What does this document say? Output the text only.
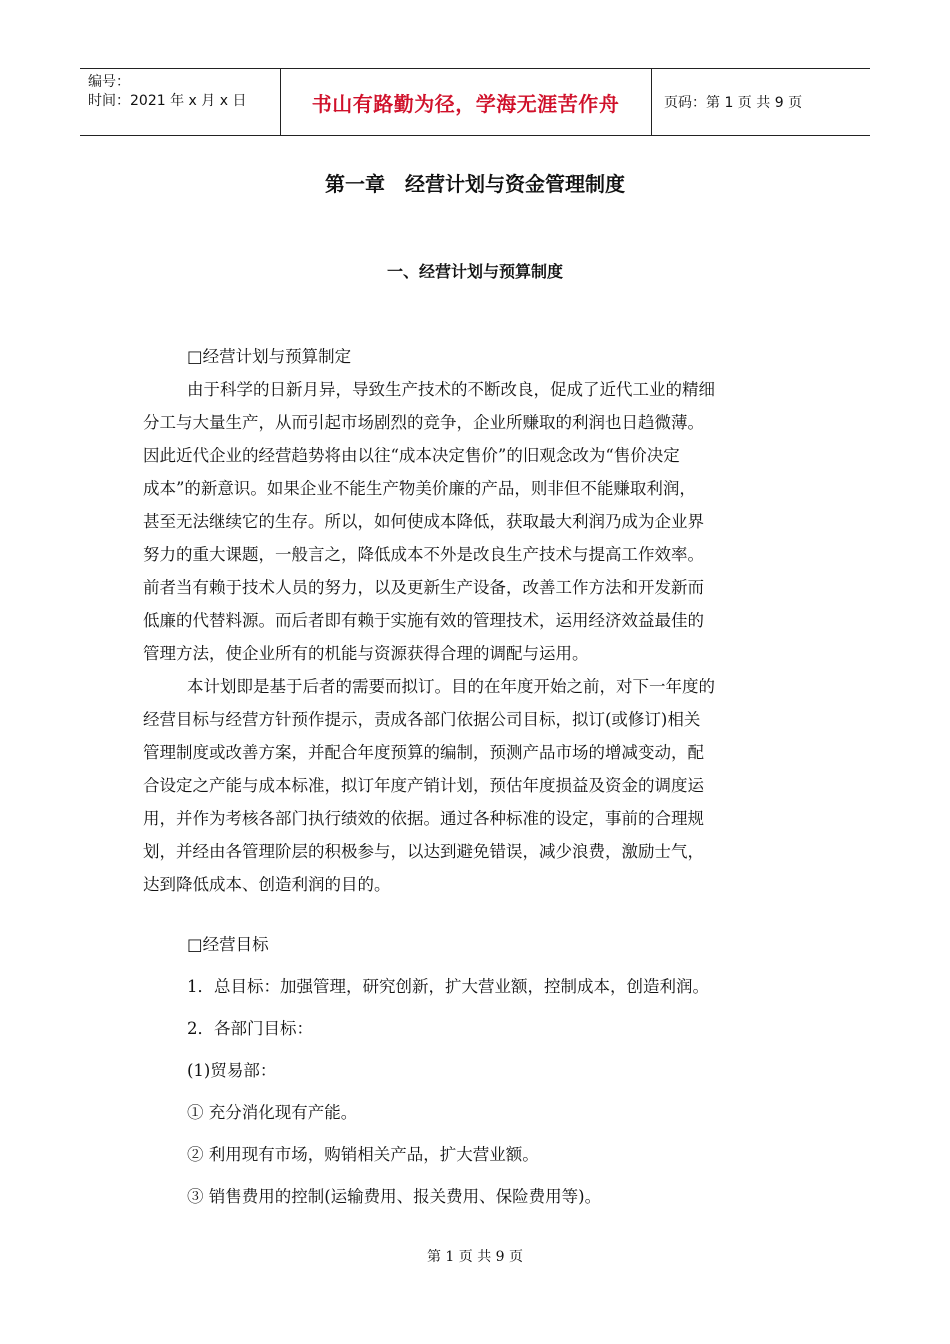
编号：
时间：2021 年 x 月 x 日	书山有路勤为径，学海无涯苦作舟	页码：第 1 页 共 9 页
第一章　经营计划与资金管理制度
一、经营计划与预算制度
□经营计划与预算制定
由于科学的日新月异，导致生产技术的不断改良，促成了近代工业的精细
分工与大量生产，从而引起市场剧烈的竞争，企业所赚取的利润也日趋微薄。
因此近代企业的经营趋势将由以往“成本决定售价”的旧观念改为“售价决定
成本”的新意识。如果企业不能生产物美价廉的产品，则非但不能赚取利润，
甚至无法继续它的生存。所以，如何使成本降低，获取最大利润乃成为企业界
努力的重大课题，一般言之，降低成本不外是改良生产技术与提高工作效率。
前者当有赖于技术人员的努力，以及更新生产设备，改善工作方法和开发新而
低廉的代替料源。而后者即有赖于实施有效的管理技术，运用经济效益最佳的
管理方法，使企业所有的机能与资源获得合理的调配与运用。
本计划即是基于后者的需要而拟订。目的在年度开始之前，对下一年度的
经营目标与经营方针预作提示，责成各部门依据公司目标，拟订(或修订)相关
管理制度或改善方案，并配合年度预算的编制，预测产品市场的增减变动，配
合设定之产能与成本标准，拟订年度产销计划，预估年度损益及资金的调度运
用，并作为考核各部门执行绩效的依据。通过各种标准的设定，事前的合理规
划，并经由各管理阶层的积极参与，以达到避免错误，减少浪费，激励士气，
达到降低成本、创造利润的目的。
□经营目标
1．总目标：加强管理，研究创新，扩大营业额，控制成本，创造利润。
2．各部门目标：
(1)贸易部：
① 充分消化现有产能。
② 利用现有市场，购销相关产品，扩大营业额。
③ 销售费用的控制(运输费用、报关费用、保险费用等)。
第 1 页 共 9 页
